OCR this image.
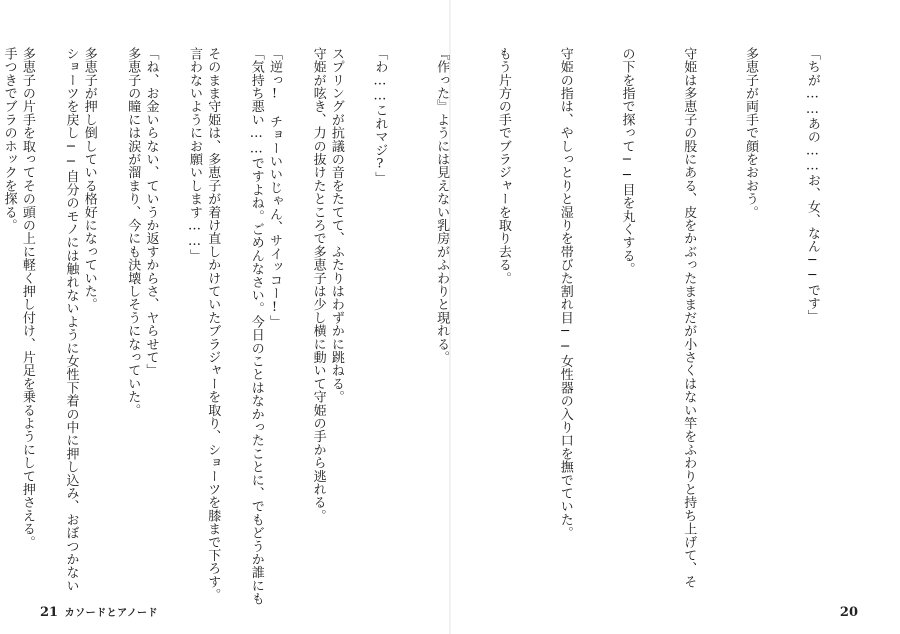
「ちが……あの……お、女、なん──です」

多恵子が両手で顔をおおう。

守姫は多恵子の股にある、皮をかぶったままだが小さくはない竿をふわりと持ち上げて、そ

の下を指で探って──目を丸くする。

守姫の指は、やしっとりと湿りを帯びた割れ目──女性器の入り口を撫でていた。

もう片方の手でブラジャーを取り去る。

『作った』ようには見えない乳房がふわりと現れる。

「わ……これマジ?」

守姫が呟き、力の抜けたところで多恵子は少し横に動いて守姫の手から逃れる。

「気持ち悪い……ですよね。ごめんなさい。今日のことはなかったことに、でもどうか誰にも

言わないようにお願いします……」

多恵子の瞳には涙が溜まり、今にも決壊しそうになっていた。

ショーツを戻し──自分のモノには触れないように女性下着の中に押し込み、おぼつかない

手つきでブラのホックを探る。

	スプリングが抗議の音をたてて、ふたりはわずかに跳ねる。

「逆っ!　チョーいいじゃん、サイッコー!」

そのまま守姫は、多恵子が着け直しかけていたブラジャーを取り、ショーツを膝まで下ろす。

「ね、お金いらない、ていうか返すからさ、ヤらせて」

多恵子が押し倒している格好になっていた。

多恵子の片手を取ってその頭の上に軽く押し付け、片足を乗るようにして押さえる。

21 カソードとアノード	20
